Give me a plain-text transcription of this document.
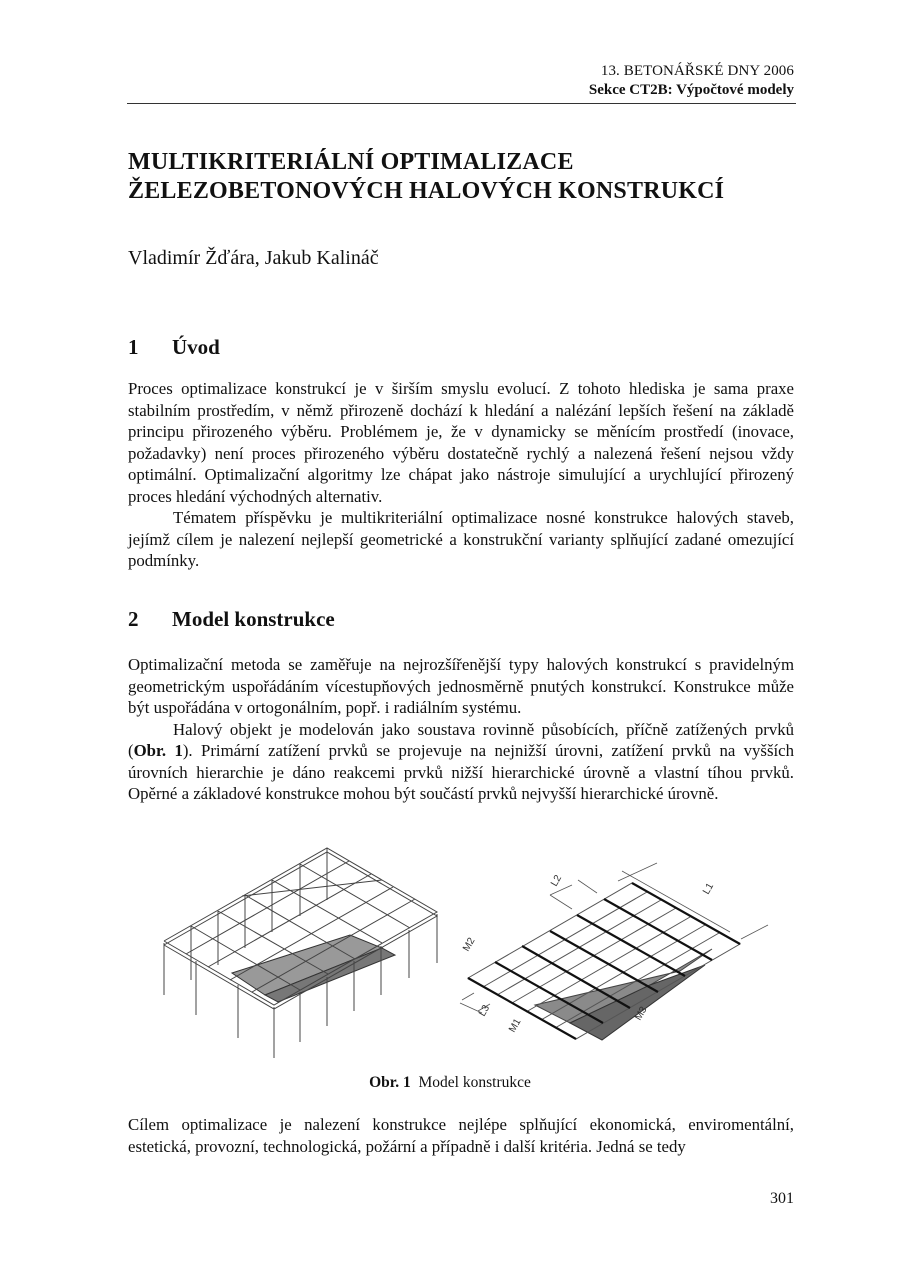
13. BETONÁŘSKÉ DNY 2006
Sekce CT2B: Výpočtové modely
MULTIKRITERIÁLNÍ OPTIMALIZACE
ŽELEZOBETONOVÝCH HALOVÝCH KONSTRUKCÍ
Vladimír Žďára, Jakub Kalináč
1 Úvod

Proces optimalizace konstrukcí je v širším smyslu evolucí. Z tohoto hlediska je sama praxe stabilním prostředím, v němž přirozeně dochází k hledání a nalézání lepších řešení na základě principu přirozeného výběru. Problémem je, že v dynamicky se měnícím prostředí (inovace, požadavky) není proces přirozeného výběru dostatečně rychlý a nalezená řešení nejsou vždy optimální. Optimalizační algoritmy lze chápat jako nástroje simulující a urychlující přirozený proces hledání východných alternativ.

Tématem příspěvku je multikriteriální optimalizace nosné konstrukce halových staveb, jejímž cílem je nalezení nejlepší geometrické a konstrukční varianty splňující zadané omezující podmínky.

2 Model konstrukce

Optimalizační metoda se zaměřuje na nejrozšířenější typy halových konstrukcí s pravidelným geometrickým uspořádáním vícestupňových jednosměrně pnutých konstrukcí. Konstrukce může být uspořádána v ortogonálním, popř. i radiálním systému.

Halový objekt je modelován jako soustava rovinně působících, příčně zatížených prvků (Obr. 1). Primární zatížení prvků se projevuje na nejnižší úrovni, zatížení prvků na vyšších úrovních hierarchie je dáno reakcemi prvků nižší hierarchické úrovně a vlastní tíhou prvků. Opěrné a základové konstrukce mohou být součástí prvků nejvyšší hierarchické úrovně.

L1
L2
L3
M1
M2
M3
Obr. 1 Model konstrukce

Cílem optimalizace je nalezení konstrukce nejlépe splňující ekonomická, enviromentální, estetická, provozní, technologická, požární a případně i další kritéria. Jedná se tedy

301
